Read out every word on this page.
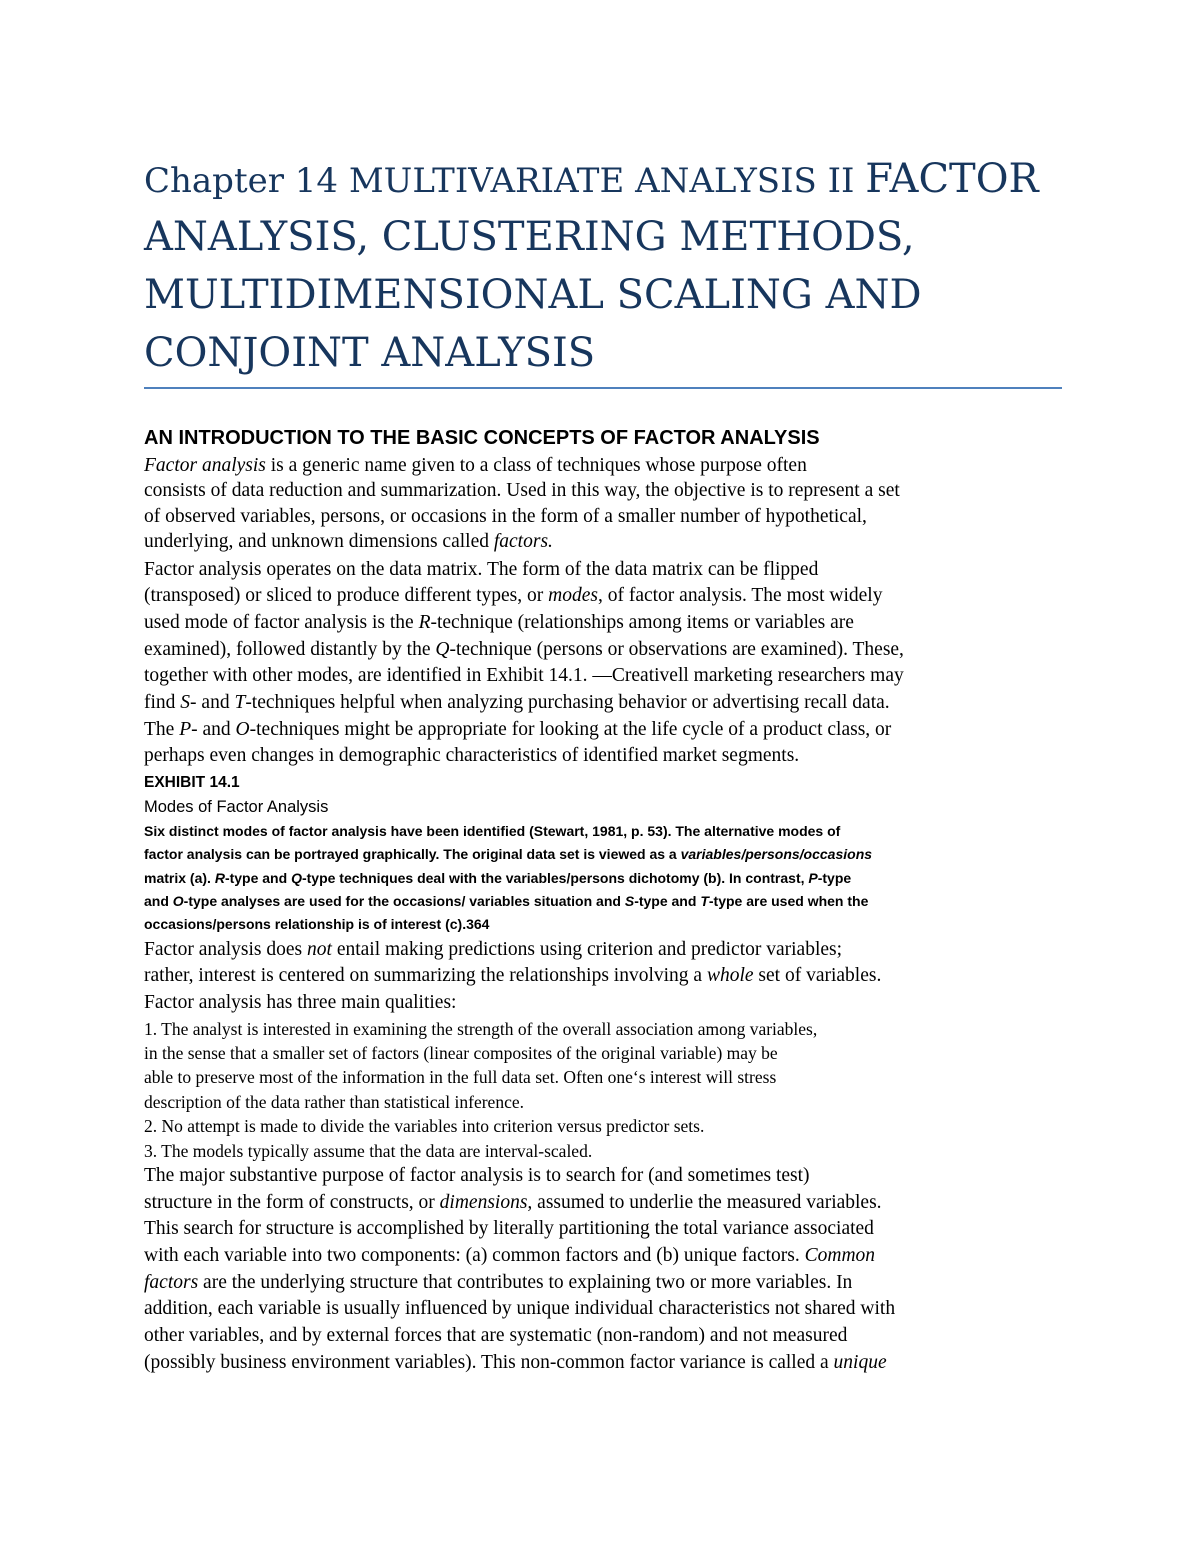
Chapter 14 MULTIVARIATE ANALYSIS II FACTOR
ANALYSIS, CLUSTERING METHODS,
MULTIDIMENSIONAL SCALING AND
CONJOINT ANALYSIS
AN INTRODUCTION TO THE BASIC CONCEPTS OF FACTOR ANALYSIS
Factor analysis is a generic name given to a class of techniques whose purpose often
consists of data reduction and summarization. Used in this way, the objective is to represent a set
of observed variables, persons, or occasions in the form of a smaller number of hypothetical,
underlying, and unknown dimensions called factors.
Factor analysis operates on the data matrix. The form of the data matrix can be flipped
(transposed) or sliced to produce different types, or modes, of factor analysis. The most widely
used mode of factor analysis is the R-technique (relationships among items or variables are
examined), followed distantly by the Q-technique (persons or observations are examined). These,
together with other modes, are identified in Exhibit 14.1. —Creativell marketing researchers may
find S- and T-techniques helpful when analyzing purchasing behavior or advertising recall data.
The P- and O-techniques might be appropriate for looking at the life cycle of a product class, or
perhaps even changes in demographic characteristics of identified market segments.
EXHIBIT 14.1
Modes of Factor Analysis
Six distinct modes of factor analysis have been identified (Stewart, 1981, p. 53). The alternative modes of
factor analysis can be portrayed graphically. The original data set is viewed as a variables/persons/occasions
matrix (a). R-type and Q-type techniques deal with the variables/persons dichotomy (b). In contrast, P-type
and O-type analyses are used for the occasions/ variables situation and S-type and T-type are used when the
occasions/persons relationship is of interest (c).364
Factor analysis does not entail making predictions using criterion and predictor variables;
rather, interest is centered on summarizing the relationships involving a whole set of variables.
Factor analysis has three main qualities:
1. The analyst is interested in examining the strength of the overall association among variables,
in the sense that a smaller set of factors (linear composites of the original variable) may be
able to preserve most of the information in the full data set. Often one‘s interest will stress
description of the data rather than statistical inference.
2. No attempt is made to divide the variables into criterion versus predictor sets.
3. The models typically assume that the data are interval-scaled.
The major substantive purpose of factor analysis is to search for (and sometimes test)
structure in the form of constructs, or dimensions, assumed to underlie the measured variables.
This search for structure is accomplished by literally partitioning the total variance associated
with each variable into two components: (a) common factors and (b) unique factors. Common
factors are the underlying structure that contributes to explaining two or more variables. In
addition, each variable is usually influenced by unique individual characteristics not shared with
other variables, and by external forces that are systematic (non-random) and not measured
(possibly business environment variables). This non-common factor variance is called a unique
